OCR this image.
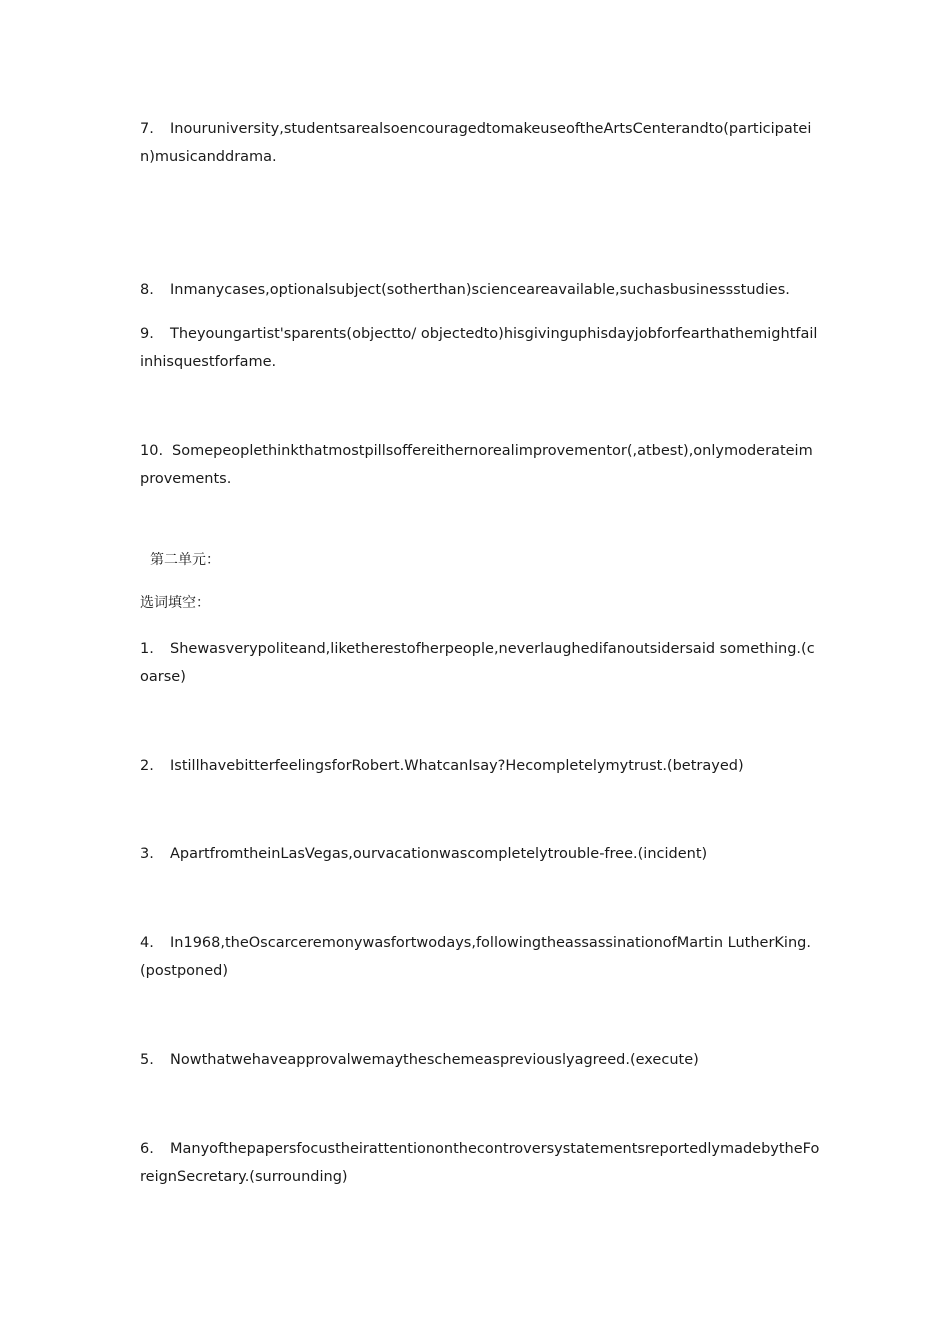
7. Inouruniversity,studentsarealsoencouragedtomakeuseoftheArtsCenterandto(participatein)musicanddrama.

8. Inmanycases,optionalsubject(sotherthan)scienceareavailable,suchasbusinessstudies.

9. Theyoungartist'sparents(objectto/ objectedto)hisgivinguphisdayjobforfearthathemightfailinhisquestforfame.

10. Somepeoplethinkthatmostpillsoffereithernorealimprovementor(,atbest),onlymoderateimprovements.

第二单元：

选词填空：

1. Shewasverypoliteand,liketherestofherpeople,neverlaughedifanoutsidersaid something.(coarse)

2. IstillhavebitterfeelingsforRobert.WhatcanIsay?Hecompletelymytrust.(betrayed)

3. ApartfromtheinLasVegas,ourvacationwascompletelytrouble-free.(incident)

4. In1968,theOscarceremonywasfortwodays,followingtheassassinationofMartin LutherKing.(postponed)

5. Nowthatwehaveapprovalwemaytheschemeaspreviouslyagreed.(execute)

6. ManyofthepapersfocustheirattentiononthecontroversystatementsreportedlymadebytheForeignSecretary.(surrounding)
